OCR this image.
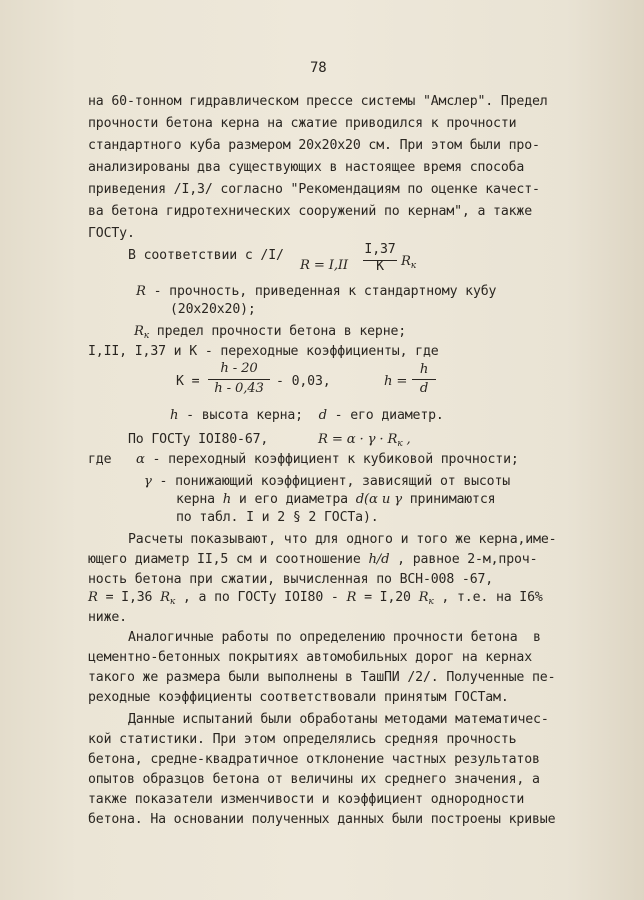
78
на 60-тонном гидравлическом прессе системы "Амслер". Предел
прочности бетона керна на сжатие приводился к прочности
стандартного куба размером 20х20х20 см. При этом были про-
анализированы два существующих в настоящее время способа
приведения /I,3/ согласно "Рекомендациям по оценке качест-
ва бетона гидротехнических сооружений по кернам", а также
ГОСТу.
В соответствии с /I/
R = I,II
I,37
K	$R_к$
R - прочность, приведенная к стандартному кубу
(20х20х20);
$R_к$ предел прочности бетона в керне;
I,II, I,37 и К - переходные коэффициенты, где
K =
h - 20
h - 0,43 - 0,03,	h =
h
d
h - высота керна;  d - его диаметр.
По ГОСТу IOI80-67,	$R = \alpha \cdot \gamma \cdot R_к$ ,
где α - переходный коэффициент к кубиковой прочности;
γ - понижающий коэффициент, зависящий от высоты
керна h и его диаметра d(α и γ принимаются
по табл. I и 2 § 2 ГОСТа).
Расчеты показывают, что для одного и того же керна,име-
ющего диаметр II,5 см и соотношение h/d , равное 2-м,проч-
ность бетона при сжатии, вычисленная по ВСН-008 -67,
R = I,36 $R_к$ , а по ГОСТу IOI80 - R = I,20 $R_к$ , т.е. на I6%
ниже.
Аналогичные работы по определению прочности бетона  в
цементно-бетонных покрытиях автомобильных дорог на кернах
такого же размера были выполнены в ТашПИ /2/. Полученные пе-
реходные коэффициенты соответствовали принятым ГОСТам.
Данные испытаний были обработаны методами математичес-
кой статистики. При этом определялись средняя прочность
бетона, средне-квадратичное отклонение частных результатов
опытов образцов бетона от величины их среднего значения, а
также показатели изменчивости и коэффициент однородности
бетона. На основании полученных данных были построены кривые
